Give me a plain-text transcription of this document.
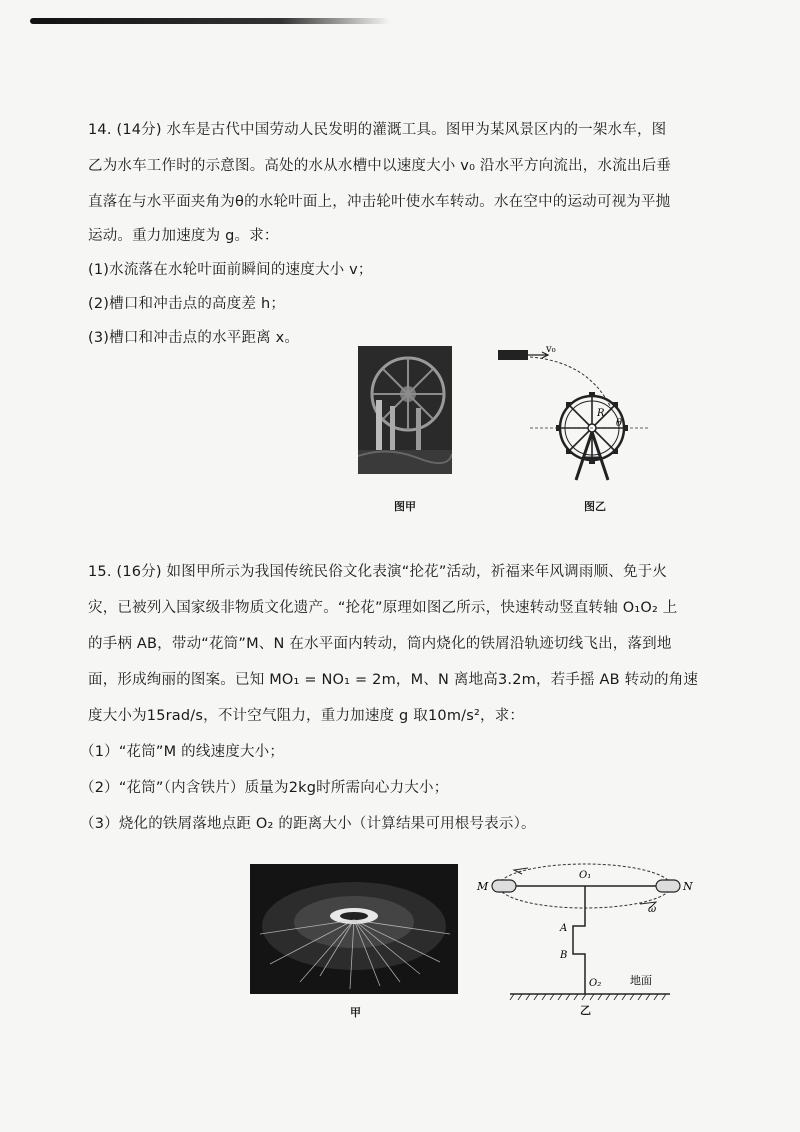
14. (14分) 水车是古代中国劳动人民发明的灌溉工具。图甲为某风景区内的一架水车，图
乙为水车工作时的示意图。高处的水从水槽中以速度大小 v₀ 沿水平方向流出，水流出后垂
直落在与水平面夹角为θ的水轮叶面上，冲击轮叶使水车转动。水在空中的运动可视为平抛
运动。重力加速度为 g。求：
(1)水流落在水轮叶面前瞬间的速度大小 v；
(2)槽口和冲击点的高度差 h；
(3)槽口和冲击点的水平距离 x。
图甲
v₀
R
θ
图乙
15. (16分) 如图甲所示为我国传统民俗文化表演“抡花”活动，祈福来年风调雨顺、免于火
灾，已被列入国家级非物质文化遗产。“抡花”原理如图乙所示，快速转动竖直转轴 O₁O₂ 上
的手柄 AB，带动“花筒”M、N 在水平面内转动，筒内烧化的铁屑沿轨迹切线飞出，落到地
面，形成绚丽的图案。已知 MO₁ = NO₁ = 2m，M、N 离地高3.2m，若手摇 AB 转动的角速
度大小为15rad/s，不计空气阻力，重力加速度 g 取10m/s²，求：
（1）“花筒”M 的线速度大小；
（2）“花筒”（内含铁片）质量为2kg时所需向心力大小；
（3）烧化的铁屑落地点距 O₂ 的距离大小（计算结果可用根号表示）。
甲
M	N
O₁
ω
A
B
O₂	地面
乙
